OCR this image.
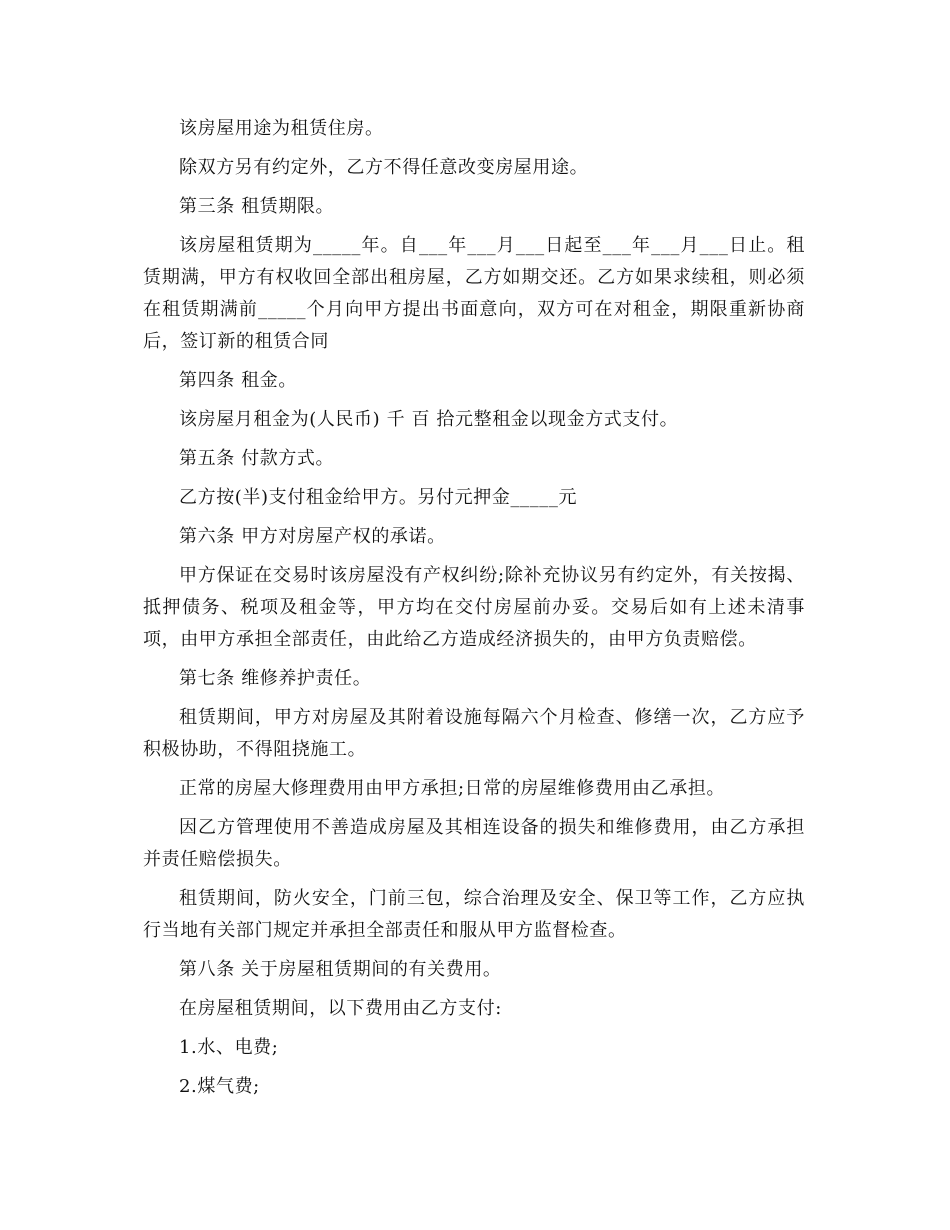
该房屋用途为租赁住房。

除双方另有约定外，乙方不得任意改变房屋用途。

第三条 租赁期限。

该房屋租赁期为_____年。自___年___月___日起至___年___月___日止。租赁期满，甲方有权收回全部出租房屋，乙方如期交还。乙方如果求续租，则必须在租赁期满前_____个月向甲方提出书面意向，双方可在对租金，期限重新协商后，签订新的租赁合同

第四条 租金。

该房屋月租金为(人民币) 千 百 拾元整租金以现金方式支付。

第五条 付款方式。

乙方按(半)支付租金给甲方。另付元押金_____元

第六条 甲方对房屋产权的承诺。

甲方保证在交易时该房屋没有产权纠纷;除补充协议另有约定外，有关按揭、抵押债务、税项及租金等，甲方均在交付房屋前办妥。交易后如有上述未清事项，由甲方承担全部责任，由此给乙方造成经济损失的，由甲方负责赔偿。

第七条 维修养护责任。

租赁期间，甲方对房屋及其附着设施每隔六个月检查、修缮一次，乙方应予积极协助，不得阻挠施工。

正常的房屋大修理费用由甲方承担;日常的房屋维修费用由乙承担。

因乙方管理使用不善造成房屋及其相连设备的损失和维修费用，由乙方承担并责任赔偿损失。

租赁期间，防火安全，门前三包，综合治理及安全、保卫等工作，乙方应执行当地有关部门规定并承担全部责任和服从甲方监督检查。

第八条 关于房屋租赁期间的有关费用。

在房屋租赁期间，以下费用由乙方支付:

1.水、电费;

2.煤气费;
